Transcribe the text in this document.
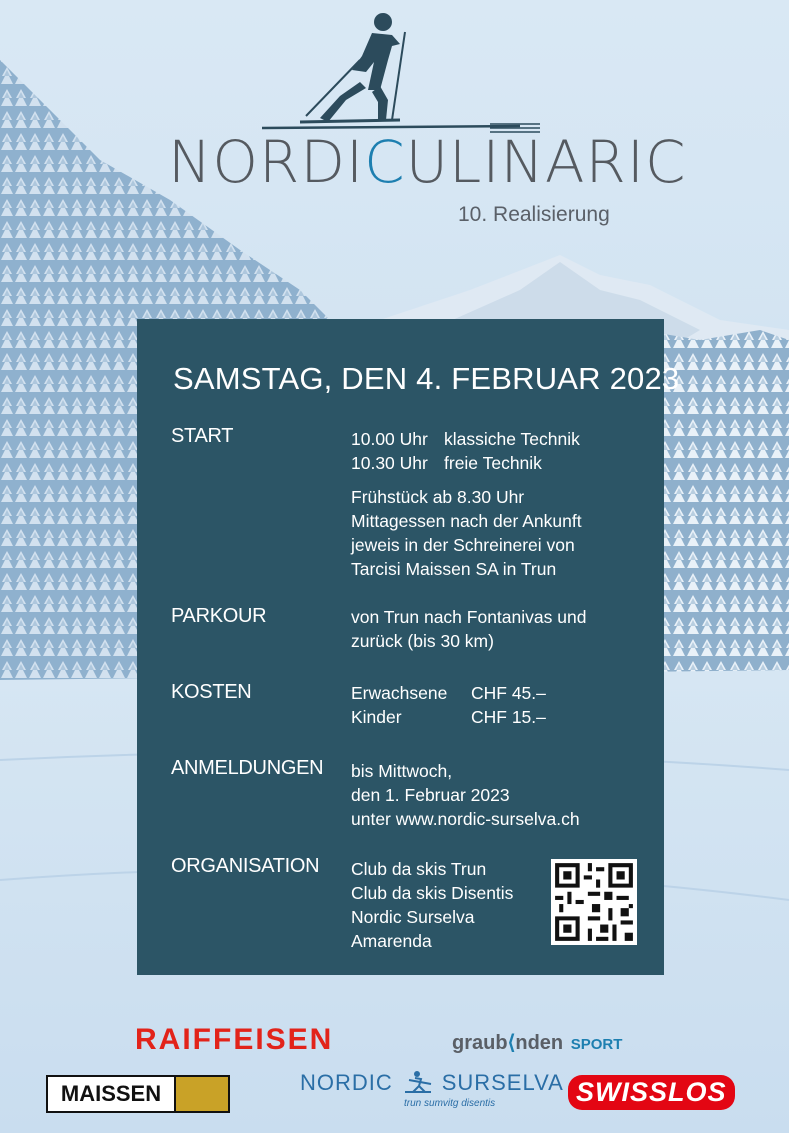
NORDICULINARIC
10. Realisierung
SAMSTAG, DEN 4. FEBRUAR 2023
START	10.00 Uhr klassiche Technik
10.30 Uhr freie Technik
Frühstück ab 8.30 Uhr
Mittagessen nach der Ankunft
jeweis in der Schreinerei von
Tarcisi Maissen SA in Trun
PARKOUR	von Trun nach Fontanivas und
zurück (bis 30 km)
KOSTEN	Erwachsene CHF 45.–
Kinder	CHF 15.–
ANMELDUNGEN bis Mittwoch,
den 1. Februar 2023
unter www.nordic-surselva.ch
ORGANISATION Club da skis Trun
Club da skis Disentis
Nordic Surselva
Amarenda
RAIFFEISEN	graub⟨nden SPORT
MAISSEN	NORDIC SURSELVA
trun sumvitg disentis	SWISSLOS
